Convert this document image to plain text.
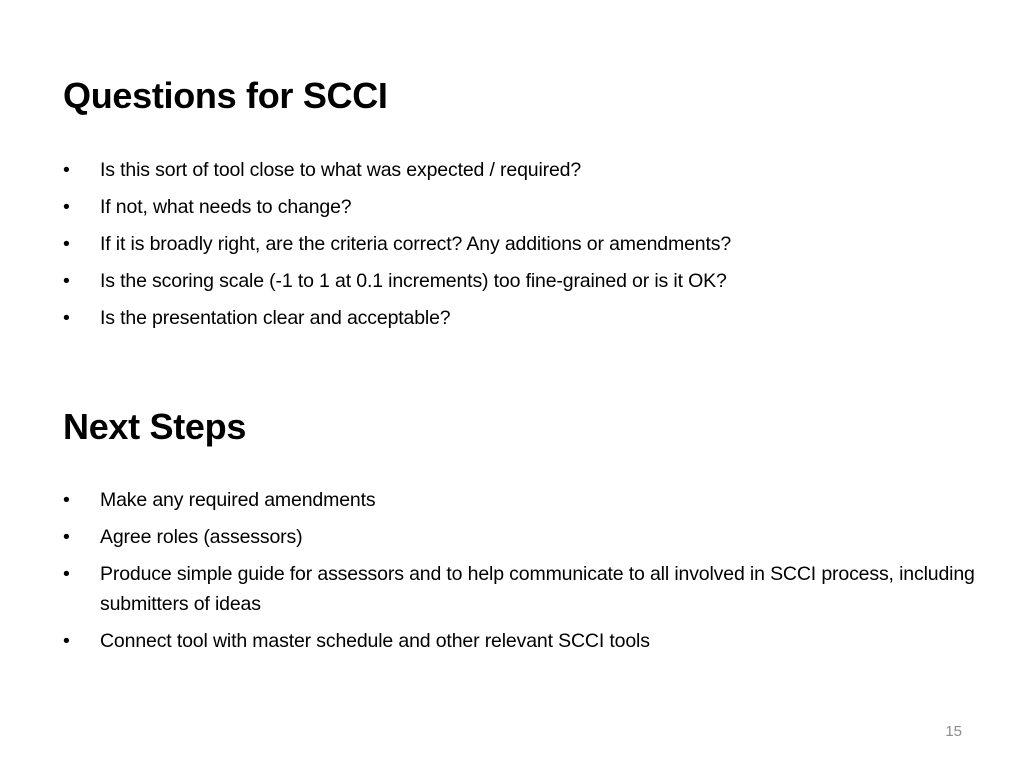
Questions for SCCI
•	Is this sort of tool close to what was expected / required?
•	If not, what needs to change?
•	If it is broadly right, are the criteria correct? Any additions or amendments?
•	Is the scoring scale (-1 to 1 at 0.1 increments) too fine-grained or is it OK?
•	Is the presentation clear and acceptable?
Next Steps
•	Make any required amendments
•	Agree roles (assessors)
•	Produce simple guide for assessors and to help communicate to all involved in SCCI process, including submitters of ideas
•	Connect tool with master schedule and other relevant SCCI tools
15
